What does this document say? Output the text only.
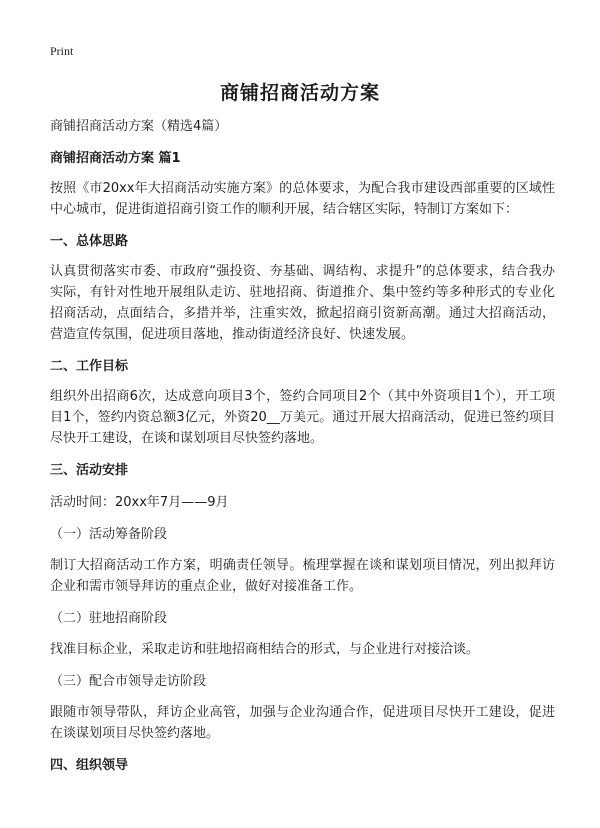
Print
商铺招商活动方案

商铺招商活动方案（精选4篇）

商铺招商活动方案 篇1

按照《市20xx年大招商活动实施方案》的总体要求，为配合我市建设西部重要的区域性中心城市，促进街道招商引资工作的顺利开展，结合辖区实际，特制订方案如下：

一、总体思路

认真贯彻落实市委、市政府“强投资、夯基础、调结构、求提升”的总体要求，结合我办实际，有针对性地开展组队走访、驻地招商、街道推介、集中签约等多种形式的专业化招商活动，点面结合，多措并举，注重实效，掀起招商引资新高潮。通过大招商活动，营造宣传氛围，促进项目落地，推动街道经济良好、快速发展。

二、工作目标

组织外出招商6次，达成意向项目3个，签约合同项目2个（其中外资项目1个），开工项目1个，签约内资总额3亿元，外资20__万美元。通过开展大招商活动，促进已签约项目尽快开工建设，在谈和谋划项目尽快签约落地。

三、活动安排

活动时间：20xx年7月——9月

（一）活动筹备阶段

制订大招商活动工作方案，明确责任领导。梳理掌握在谈和谋划项目情况，列出拟拜访企业和需市领导拜访的重点企业，做好对接准备工作。

（二）驻地招商阶段

找准目标企业，采取走访和驻地招商相结合的形式，与企业进行对接洽谈。

（三）配合市领导走访阶段

跟随市领导带队，拜访企业高管，加强与企业沟通合作，促进项目尽快开工建设，促进在谈谋划项目尽快签约落地。

四、组织领导
